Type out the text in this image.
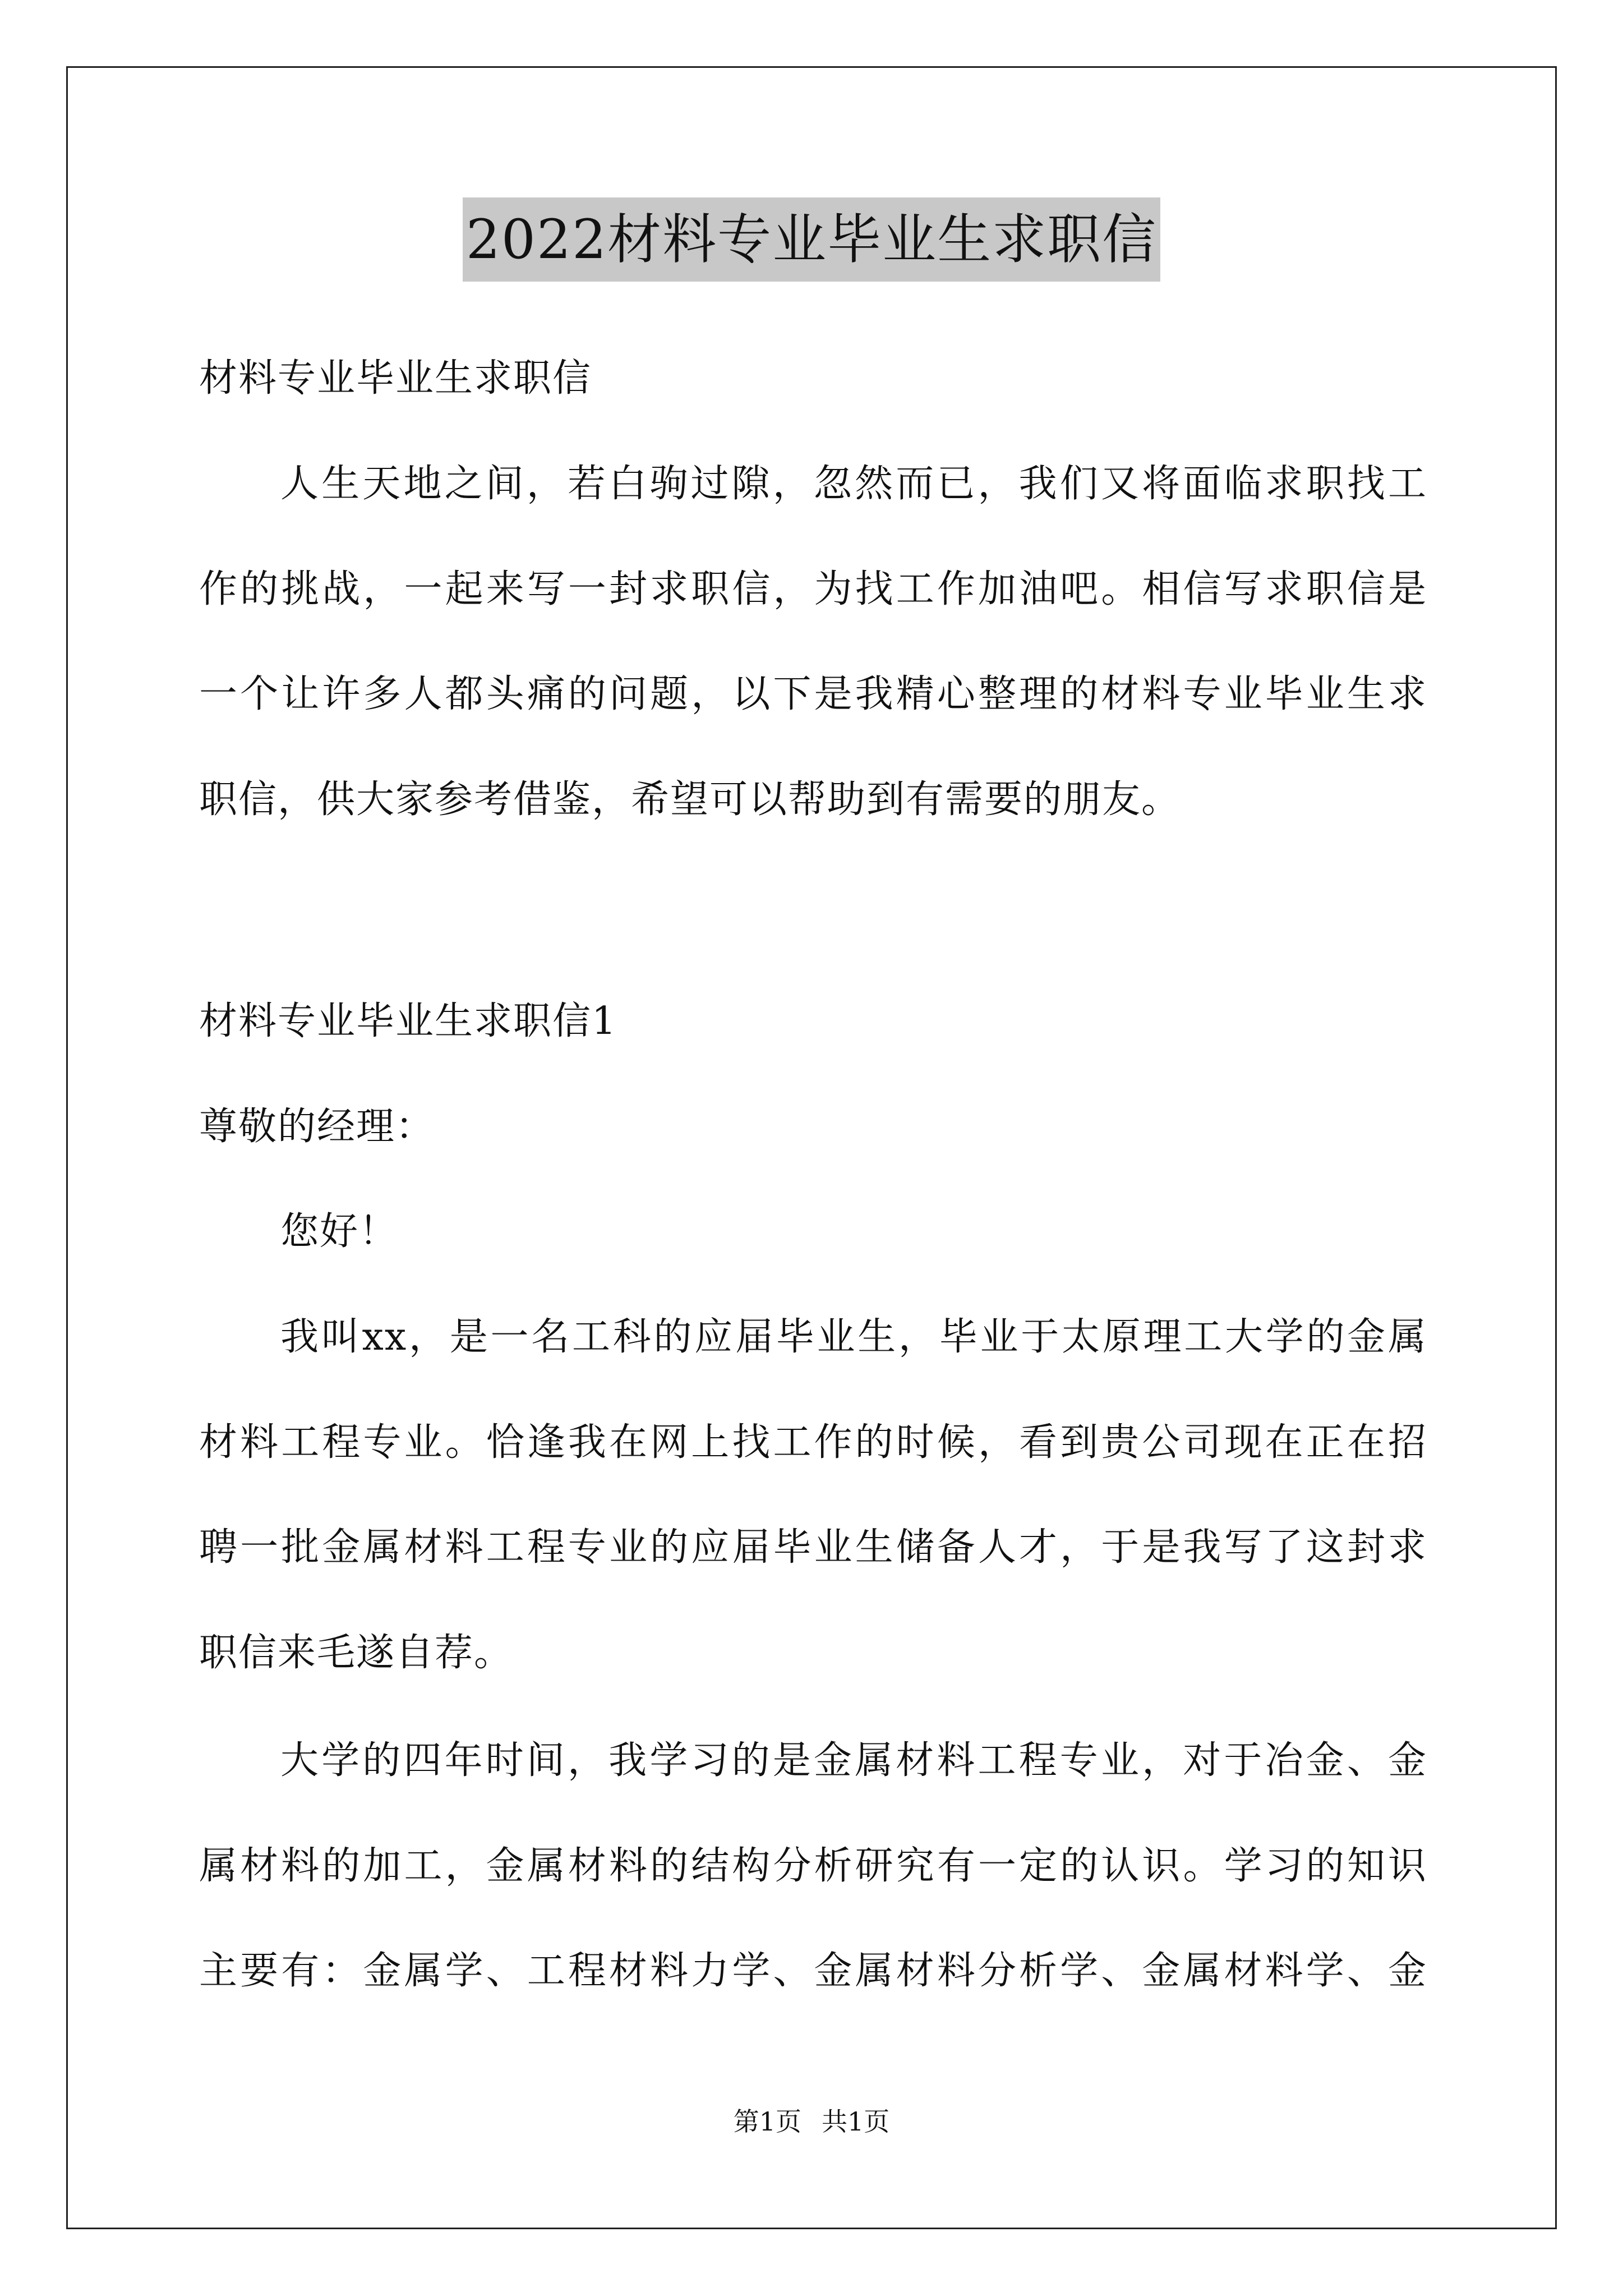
2022材料专业毕业生求职信
材料专业毕业生求职信
人生天地之间，若白驹过隙，忽然而已，我们又将面临求职找工
作的挑战，一起来写一封求职信，为找工作加油吧。相信写求职信是
一个让许多人都头痛的问题，以下是我精心整理的材料专业毕业生求
职信，供大家参考借鉴，希望可以帮助到有需要的朋友。
材料专业毕业生求职信1
尊敬的经理：
您好！
我叫xx，是一名工科的应届毕业生，毕业于太原理工大学的金属
材料工程专业。恰逢我在网上找工作的时候，看到贵公司现在正在招
聘一批金属材料工程专业的应届毕业生储备人才，于是我写了这封求
职信来毛遂自荐。
大学的四年时间，我学习的是金属材料工程专业，对于冶金、金
属材料的加工，金属材料的结构分析研究有一定的认识。学习的知识
主要有：金属学、工程材料力学、金属材料分析学、金属材料学、金
第1页 共1页
